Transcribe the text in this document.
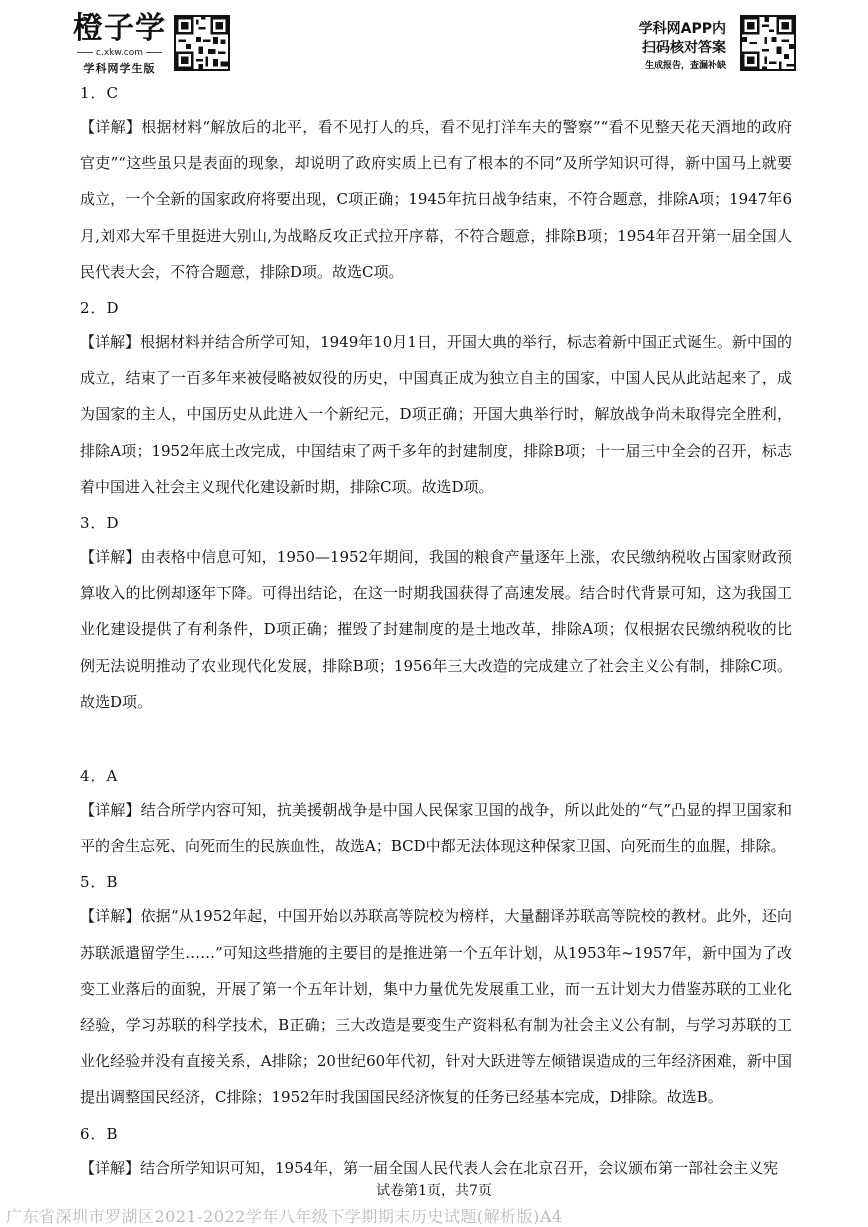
橙子学
c.xkw.com
学科网学生版
学科网APP内
扫码核对答案
生成报告，查漏补缺
1．C

【详解】根据材料“解放后的北平，看不见打人的兵，看不见打洋车夫的警察”“看不见整天花天酒地的政府官吏”“这些虽只是表面的现象，却说明了政府实质上已有了根本的不同”及所学知识可得，新中国马上就要成立，一个全新的国家政府将要出现，C项正确；1945年抗日战争结束，不符合题意，排除A项；1947年6月,刘邓大军千里挺进大别山,为战略反攻正式拉开序幕，不符合题意，排除B项；1954年召开第一届全国人民代表大会，不符合题意，排除D项。故选C项。

2．D

【详解】根据材料并结合所学可知，1949年10月1日，开国大典的举行，标志着新中国正式诞生。新中国的成立，结束了一百多年来被侵略被奴役的历史，中国真正成为独立自主的国家，中国人民从此站起来了，成为国家的主人，中国历史从此进入一个新纪元，D项正确；开国大典举行时，解放战争尚未取得完全胜利，排除A项；1952年底土改完成，中国结束了两千多年的封建制度，排除B项；十一届三中全会的召开，标志着中国进入社会主义现代化建设新时期，排除C项。故选D项。

3．D

【详解】由表格中信息可知，1950—1952年期间，我国的粮食产量逐年上涨，农民缴纳税收占国家财政预算收入的比例却逐年下降。可得出结论，在这一时期我国获得了高速发展。结合时代背景可知，这为我国工业化建设提供了有利条件，D项正确；摧毁了封建制度的是土地改革，排除A项；仅根据农民缴纳税收的比例无法说明推动了农业现代化发展，排除B项；1956年三大改造的完成建立了社会主义公有制，排除C项。故选D项。

4．A

【详解】结合所学内容可知，抗美援朝战争是中国人民保家卫国的战争，所以此处的“气”凸显的捍卫国家和平的舍生忘死、向死而生的民族血性，故选A；BCD中都无法体现这种保家卫国、向死而生的血腥，排除。

5．B

【详解】依据“从1952年起，中国开始以苏联高等院校为榜样，大量翻译苏联高等院校的教材。此外，还向苏联派遣留学生……”可知这些措施的主要目的是推进第一个五年计划，从1953年~1957年，新中国为了改变工业落后的面貌，开展了第一个五年计划，集中力量优先发展重工业，而一五计划大力借鉴苏联的工业化经验，学习苏联的科学技术，B正确；三大改造是要变生产资料私有制为社会主义公有制，与学习苏联的工业化经验并没有直接关系，A排除；20世纪60年代初，针对大跃进等左倾错误造成的三年经济困难，新中国提出调整国民经济，C排除；1952年时我国国民经济恢复的任务已经基本完成，D排除。故选B。

6．B

【详解】结合所学知识可知，1954年，第一届全国人民代表人会在北京召开，会议颁布第一部社会主义宪

试卷第1页，共7页
广东省深圳市罗湖区2021-2022学年八年级下学期期末历史试题(解析版)A4
